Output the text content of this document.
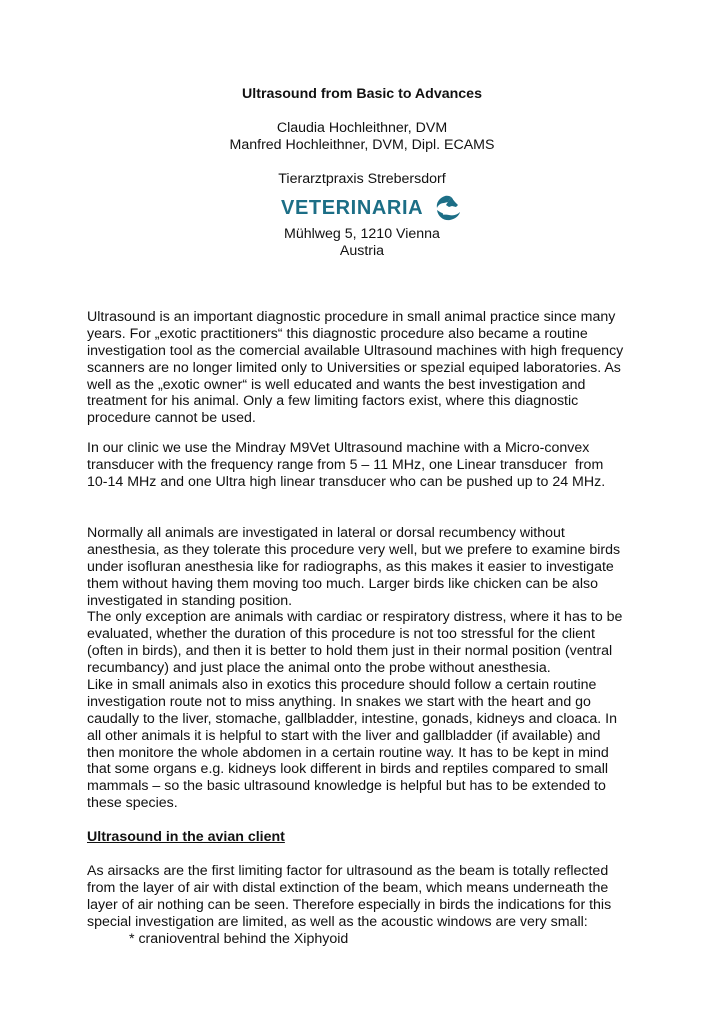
Ultrasound from Basic to Advances
Claudia Hochleithner, DVM
Manfred Hochleithner, DVM, Dipl. ECAMS
Tierarztpraxis Strebersdorf
VETERINARIA
Mühlweg 5, 1210 Vienna
Austria
Ultrasound is an important diagnostic procedure in small animal practice since many
years. For „exotic practitioners“ this diagnostic procedure also became a routine
investigation tool as the comercial available Ultrasound machines with high frequency
scanners are no longer limited only to Universities or spezial equiped laboratories. As
well as the „exotic owner“ is well educated and wants the best investigation and
treatment for his animal. Only a few limiting factors exist, where this diagnostic
procedure cannot be used.
In our clinic we use the Mindray M9Vet Ultrasound machine with a Micro-convex
transducer with the frequency range from 5 – 11 MHz, one Linear transducer  from
10-14 MHz and one Ultra high linear transducer who can be pushed up to 24 MHz.
Normally all animals are investigated in lateral or dorsal recumbency without
anesthesia, as they tolerate this procedure very well, but we prefere to examine birds
under isofluran anesthesia like for radiographs, as this makes it easier to investigate
them without having them moving too much. Larger birds like chicken can be also
investigated in standing position.
The only exception are animals with cardiac or respiratory distress, where it has to be
evaluated, whether the duration of this procedure is not too stressful for the client
(often in birds), and then it is better to hold them just in their normal position (ventral
recumbancy) and just place the animal onto the probe without anesthesia.
Like in small animals also in exotics this procedure should follow a certain routine
investigation route not to miss anything. In snakes we start with the heart and go
caudally to the liver, stomache, gallbladder, intestine, gonads, kidneys and cloaca. In
all other animals it is helpful to start with the liver and gallbladder (if available) and
then monitore the whole abdomen in a certain routine way. It has to be kept in mind
that some organs e.g. kidneys look different in birds and reptiles compared to small
mammals – so the basic ultrasound knowledge is helpful but has to be extended to
these species.
Ultrasound in the avian client
As airsacks are the first limiting factor for ultrasound as the beam is totally reflected
from the layer of air with distal extinction of the beam, which means underneath the
layer of air nothing can be seen. Therefore especially in birds the indications for this
special investigation are limited, as well as the acoustic windows are very small:
* cranioventral behind the Xiphyoid
